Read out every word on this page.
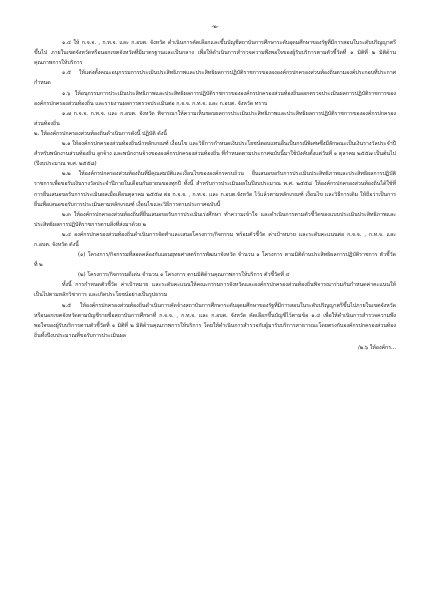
-๒-

๑.๔ ให้ ก.จ.จ. , ก.ท.จ. และ ก.อบต. จังหวัด ดำเนินการคัดเลือกและขึ้นบัญชีสถาบันการศึกษาระดับอุดมศึกษาของรัฐที่มีการสอนในระดับปริญญาตรีขึ้นไป ภายในเขตจังหวัดหรือนอกเขตจังหวัดที่มีมาตรฐานและเป็นกลาง เพื่อให้ดำเนินการสำรวจความพึงพอใจของผู้รับบริการตามตัวชี้วัดที่ ๑ มิติที่ ๒ มิติด้านคุณภาพการให้บริการ

๑.๕ ให้แต่งตั้งคณะอนุกรรมการประเมินประสิทธิภาพและประสิทธิผลการปฏิบัติราชการของององค์กรปกครองส่วนท้องถิ่นตามองค์ประกอบที่ประกาศกำหนด

๑.๖ ให้อนุกรรมการประเมินประสิทธิภาพและประสิทธิผลการปฏิบัติราชการขององค์กรปกครองส่วนท้องถิ่นออกตรวจประเมินผลการปฏิบัติราชการขององค์กรปกครองส่วนท้องถิ่น และรายงานผลการตรวจประเมินต่อ ก.จ.จ. ก.ท.จ. และ ก.อบต. จังหวัด ทราบ

๑.๗ ก.จ.จ. ก.ท.จ. และ ก.อบต. จังหวัด พิจารณาให้ความเห็นชอบผลการประเมินประสิทธิภาพและประสิทธิผลการปฏิบัติราชการขององค์กรปกครองส่วนท้องถิ่น

๒. ให้องค์กรปกครองส่วนท้องถิ่นดำเนินการดังนี้ ปฏิบัติ ดังนี้

๒.๑ ให้องค์กรปกครองส่วนท้องถิ่นนำหลักเกณฑ์ เงื่อนไข และวิธีการกำหนดเงินประโยชน์ตอบแทนอื่นเป็นกรณีพิเศษซึ่งมีลักษณะเป็นเงินรางวัลประจำปีสำหรับพนักงานส่วนท้องถิ่น ลูกจ้าง และพนักงานจ้างขององค์กรปกครองส่วนท้องถิ่น ที่กำหนดตามประกาศฉบับนี้มาใช้บังคับตั้งแต่วันที่ ๑ ตุลาคม ๒๕๕๗ เป็นต้นไป (ปีงบประมาณ พ.ศ. ๒๕๕๘)

๒.๒ ให้องค์กรปกครองส่วนท้องถิ่นที่มีคุณสมบัติและเงื่อนไขขององค์กรครบถ้วน ยื่นเสนอขอรับการประเมินประสิทธิภาพและประสิทธิผลการปฏิบัติราชการเพื่อขอรับเงินรางวัลประจำปีภายในเดือนกันยายนของทุกปี ทั้งนี้ สำหรับการประเมินผลในปีงบประมาณ พ.ศ. ๒๕๕๘ ให้องค์กรปกครองส่วนท้องถิ่นได้ใช้ที่การยื่นเสนอขอรับการประเมินผลเมื่อเดือนตุลาคม ๒๕๕๗ ต่อ ก.จ.จ. , ก.ท.จ. และ ก.อบต.จังหวัด ไว้แล้วตามหลักเกณฑ์ เงื่อนไข และวิธีการเดิม ให้ถือว่าเป็นการยื่นเพื่อเสนอขอรับการประเมินตามหลักเกณฑ์ เงื่อนไขและวิธีการตามประกาศฉบับนี้

๒.๓ ให้องค์กรปกครองส่วนท้องถิ่นที่ยื่นเสนอขอรับการประเมินเร่งศึกษา ทำความเข้าใจ และดำเนินการตามตัวชี้วัดของแบบประเมินประสิทธิภาพและประสิทธิผลการปฏิบัติราชการตามสิ่งที่ส่งมาด้วย ๒

๒.๔ องค์กรปกครองส่วนท้องถิ่นดำเนินการจัดทำและเสนอโครงการ/กิจกรรม พร้อมตัวชี้วัด ค่าเป้าหมาย และระดับคะแนนต่อ ก.จ.จ. , ก.ท.จ. และ ก.อบต. จังหวัด ดังนี้

(๑) โครงการ/กิจกรรมที่สอดคล้องกับแผนยุทธศาสตร์การพัฒนาจังหวัด จำนวน ๑ โครงการ ตามมิติด้านประสิทธิผลการปฏิบัติราชการ ตัวชี้วัดที่ ๒

(๒) โครงการ/กิจกรรมดีเด่น จำนวน ๑ โครงการ ตามมิติด้านคุณภาพการให้บริการ ตัวชี้วัดที่ ๔

ทั้งนี้ การกำหนดตัวชี้วัด ค่าเป้าหมาย และระดับคะแนนให้คณะกรรมการจังหวัดและองค์กรปกครองส่วนท้องถิ่นพิจารณาร่วมกันกำหนดค่าคะแนนให้เป็นไปตามหลักวิชาการ และเกิดประโยชน์อย่างเป็นรูปธรรม

๒.๕ ให้องค์กรปกครองส่วนท้องถิ่นดำเนินการคัดจ้างสถาบันการศึกษาระดับอุดมศึกษาของรัฐที่มีการสอนในระดับปริญญาตรีขึ้นไปภายในเขตจังหวัดหรือนอกเขตจังหวัดตามบัญชีรายชื่อสถาบันการศึกษาที่ ก.จ.จ. , ก.ท.จ. และ ก.อบต. จังหวัด คัดเลือกขึ้นบัญชีไว้ตามข้อ ๑.๔ เพื่อให้ดำเนินการสำรวจความพึงพอใจของผู้รับบริการตามตัวชี้วัดที่ ๑ มิติที่ ๒ มิติด้านคุณภาพการให้บริการ โดยให้ดำเนินการสำรวจกับผู้มารับบริการสาธารณะโดยตรงกับองค์กรปกครองส่วนท้องถิ่นทั้งปีงบประมาณที่ขอรับการประเมินผล

/๒.๖ ให้องค์กร...
